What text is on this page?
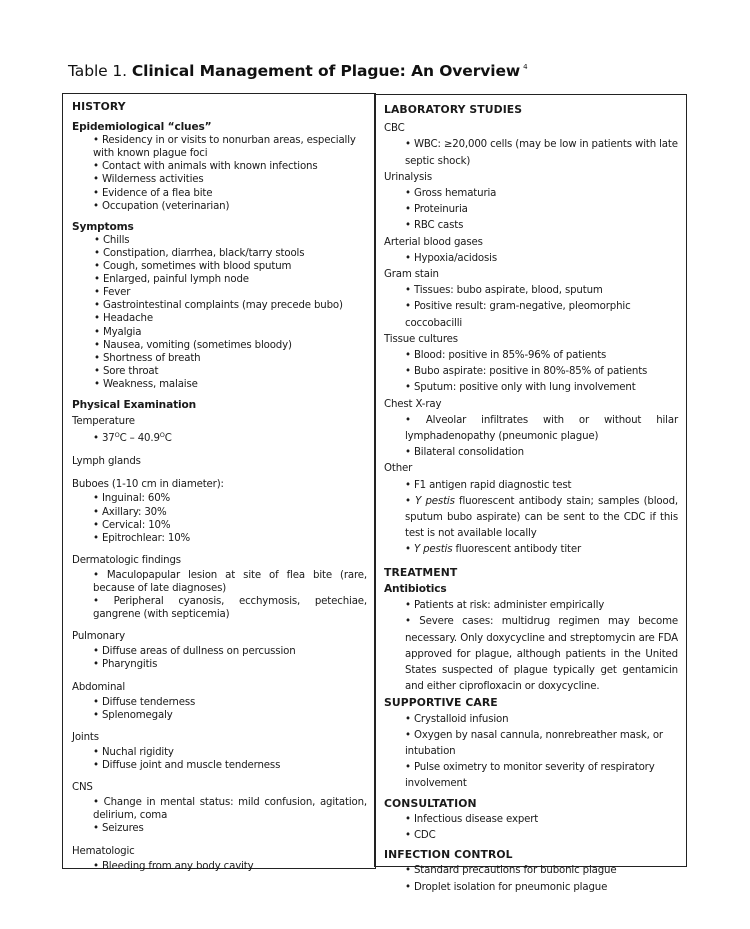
Table 1. Clinical Management of Plague: An Overview $^4$
HISTORY
Epidemiological “clues”
• Residency in or visits to nonurban areas, especially with known plague foci
• Contact with animals with known infections
• Wilderness activities
• Evidence of a flea bite
• Occupation (veterinarian)
Symptoms
• Chills
• Constipation, diarrhea, black/tarry stools
• Cough, sometimes with blood sputum
• Enlarged, painful lymph node
• Fever
• Gastrointestinal complaints (may precede bubo)
• Headache
• Myalgia
• Nausea, vomiting (sometimes bloody)
• Shortness of breath
• Sore throat
• Weakness, malaise
Physical Examination
Temperature
• $37^OC - 40.9^OC$
Lymph glands
Buboes (1-10 cm in diameter):
• Inguinal: 60%
• Axillary: 30%
• Cervical: 10%
• Epitrochlear: 10%
Dermatologic findings
• Maculopapular lesion at site of flea bite (rare, because of late diagnoses)
• Peripheral cyanosis, ecchymosis, petechiae, gangrene (with septicemia)
Pulmonary
• Diffuse areas of dullness on percussion
• Pharyngitis
Abdominal
• Diffuse tenderness
• Splenomegaly
Joints
• Nuchal rigidity
• Diffuse joint and muscle tenderness
CNS
• Change in mental status: mild confusion, agitation, delirium, coma
• Seizures
Hematologic
• Bleeding from any body cavity
LABORATORY STUDIES
CBC
• WBC: ≥20,000 cells (may be low in patients with late septic shock)
Urinalysis
• Gross hematuria
• Proteinuria
• RBC casts
Arterial blood gases
• Hypoxia/acidosis
Gram stain
• Tissues: bubo aspirate, blood, sputum
• Positive result: gram-negative, pleomorphic coccobacilli
Tissue cultures
• Blood: positive in 85%-96% of patients
• Bubo aspirate: positive in 80%-85% of patients
• Sputum: positive only with lung involvement
Chest X-ray
• Alveolar infiltrates with or without hilar lymphadenopathy (pneumonic plague)
• Bilateral consolidation
Other
• F1 antigen rapid diagnostic test
• Y pestis fluorescent antibody stain; samples (blood, sputum bubo aspirate) can be sent to the CDC if this test is not available locally
• Y pestis fluorescent antibody titer
TREATMENT
Antibiotics
• Patients at risk: administer empirically
• Severe cases: multidrug regimen may become necessary. Only doxycycline and streptomycin are FDA approved for plague, although patients in the United States suspected of plague typically get gentamicin and either ciprofloxacin or doxycycline.
SUPPORTIVE CARE
• Crystalloid infusion
• Oxygen by nasal cannula, nonrebreather mask, or intubation
• Pulse oximetry to monitor severity of respiratory involvement
CONSULTATION
• Infectious disease expert
• CDC
INFECTION CONTROL
• Standard precautions for bubonic plague
• Droplet isolation for pneumonic plague
